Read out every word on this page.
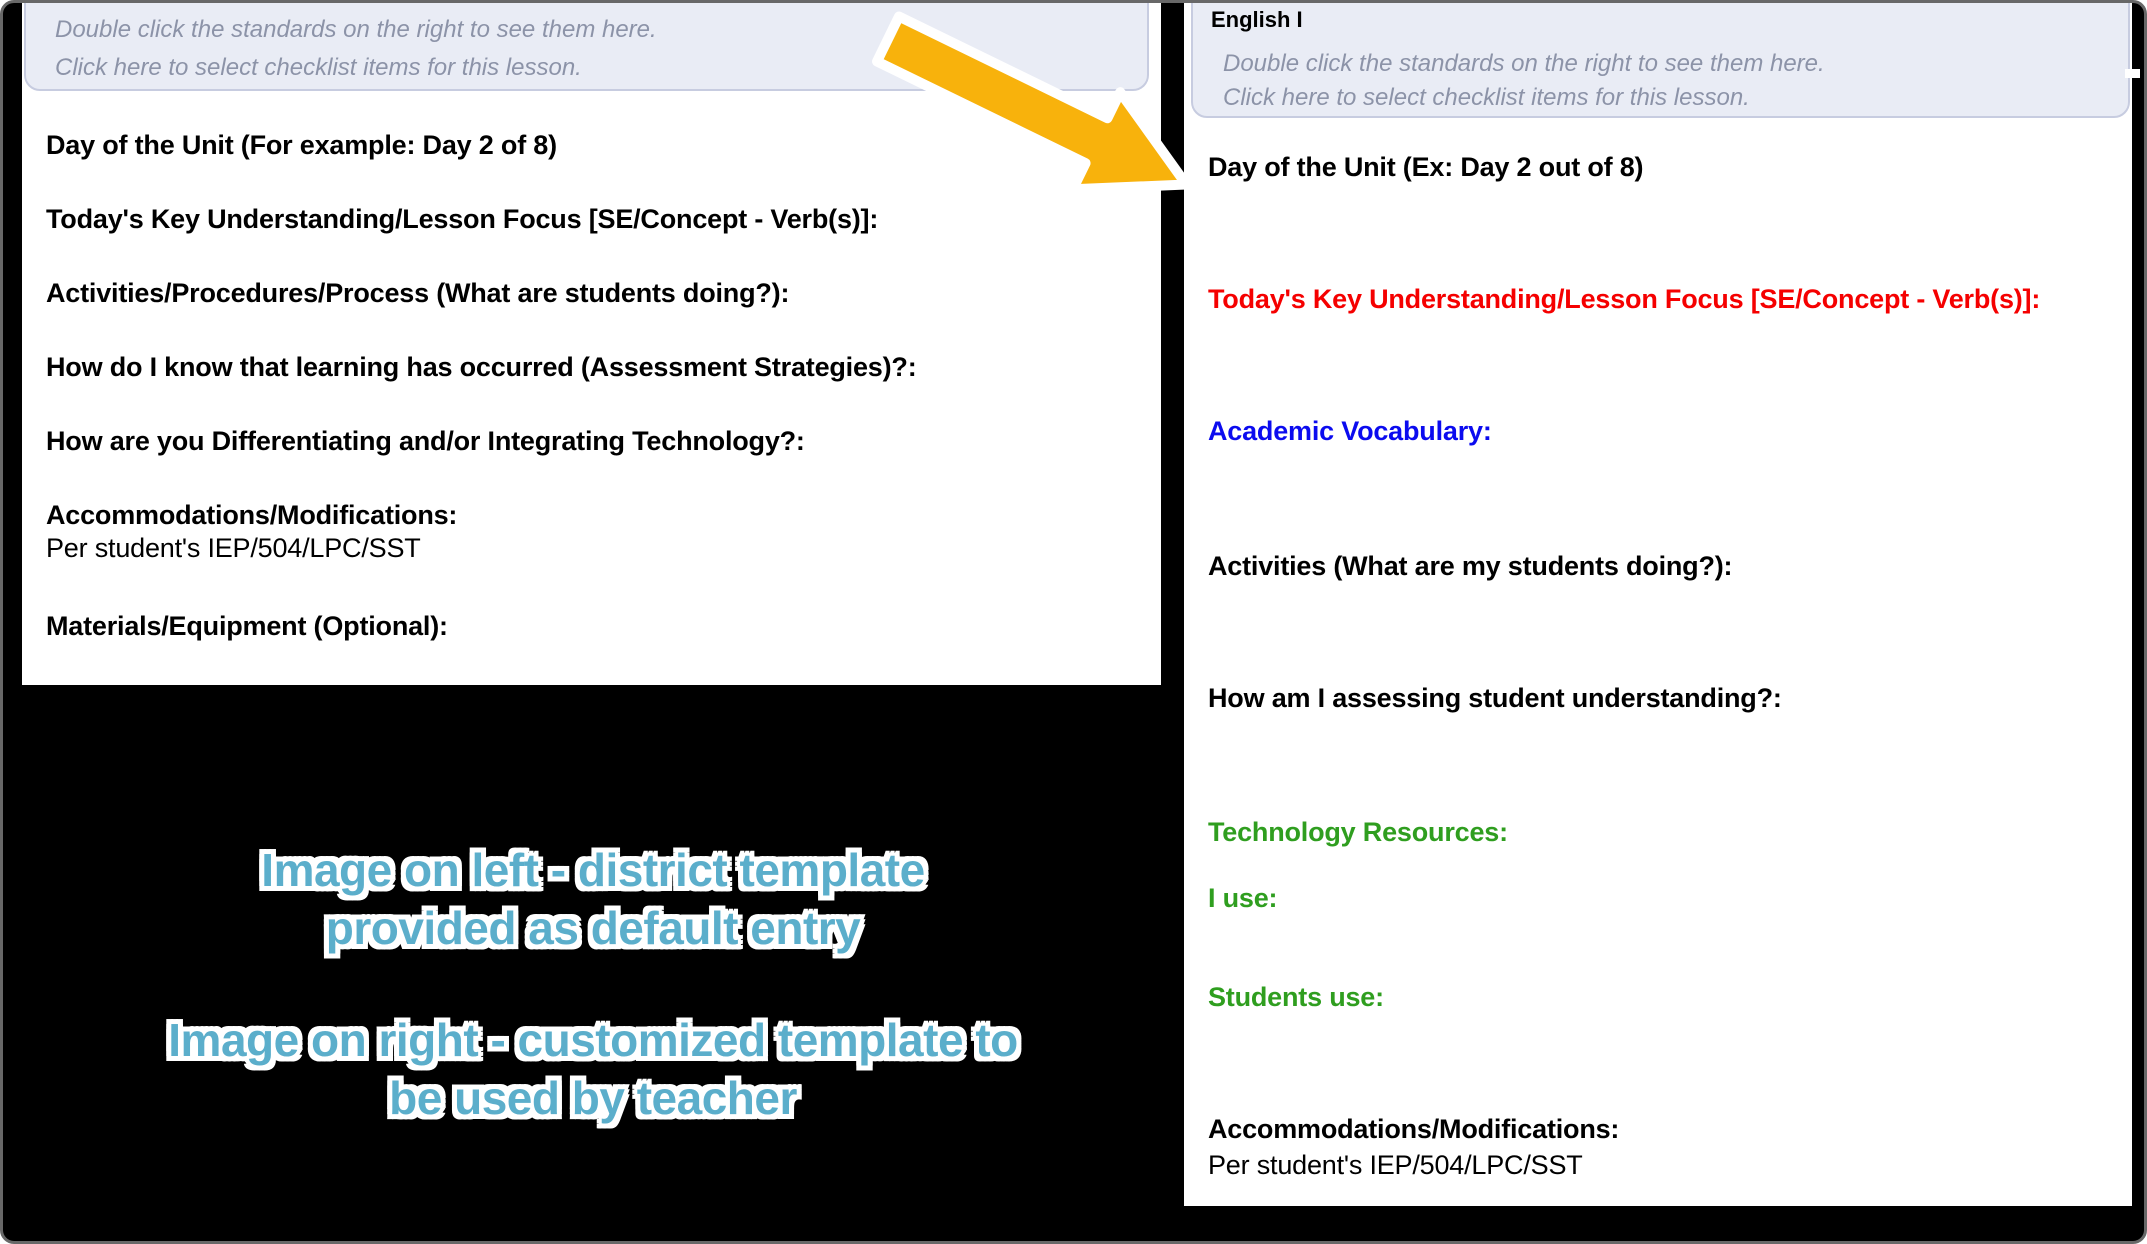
Double click the standards on the right to see them here.

Click here to select checklist items for this lesson.

Day of the Unit (For example: Day 2 of 8)

Today's Key Understanding/Lesson Focus [SE/Concept - Verb(s)]:

Activities/Procedures/Process (What are students doing?):

How do I know that learning has occurred (Assessment Strategies)?:

How are you Differentiating and/or Integrating Technology?:

Accommodations/Modifications:

Per student's IEP/504/LPC/SST

Materials/Equipment (Optional):

English I

Double click the standards on the right to see them here.

Click here to select checklist items for this lesson.

Day of the Unit (Ex: Day 2 out of 8)

Today's Key Understanding/Lesson Focus [SE/Concept - Verb(s)]:

Academic Vocabulary:

Activities (What are my students doing?):

How am I assessing student understanding?:

Technology Resources:

I use:

Students use:

Accommodations/Modifications:

Per student's IEP/504/LPC/SST

Image on left - district template
provided as default entry

Image on right - customized template to
be used by teacher
